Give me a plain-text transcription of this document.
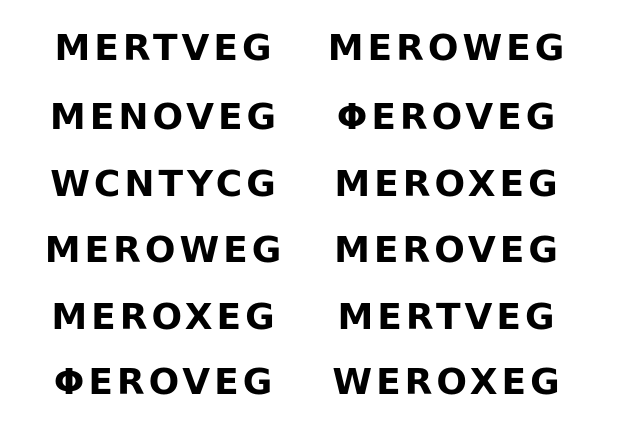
MERTVEG
MENOVEG
WCNTYCG
MEROWEG
MEROXEG
ΦEROVEG
MEROWEG
ΦEROVEG
MEROXEG
MEROVEG
MERTVEG
WEROXEG
